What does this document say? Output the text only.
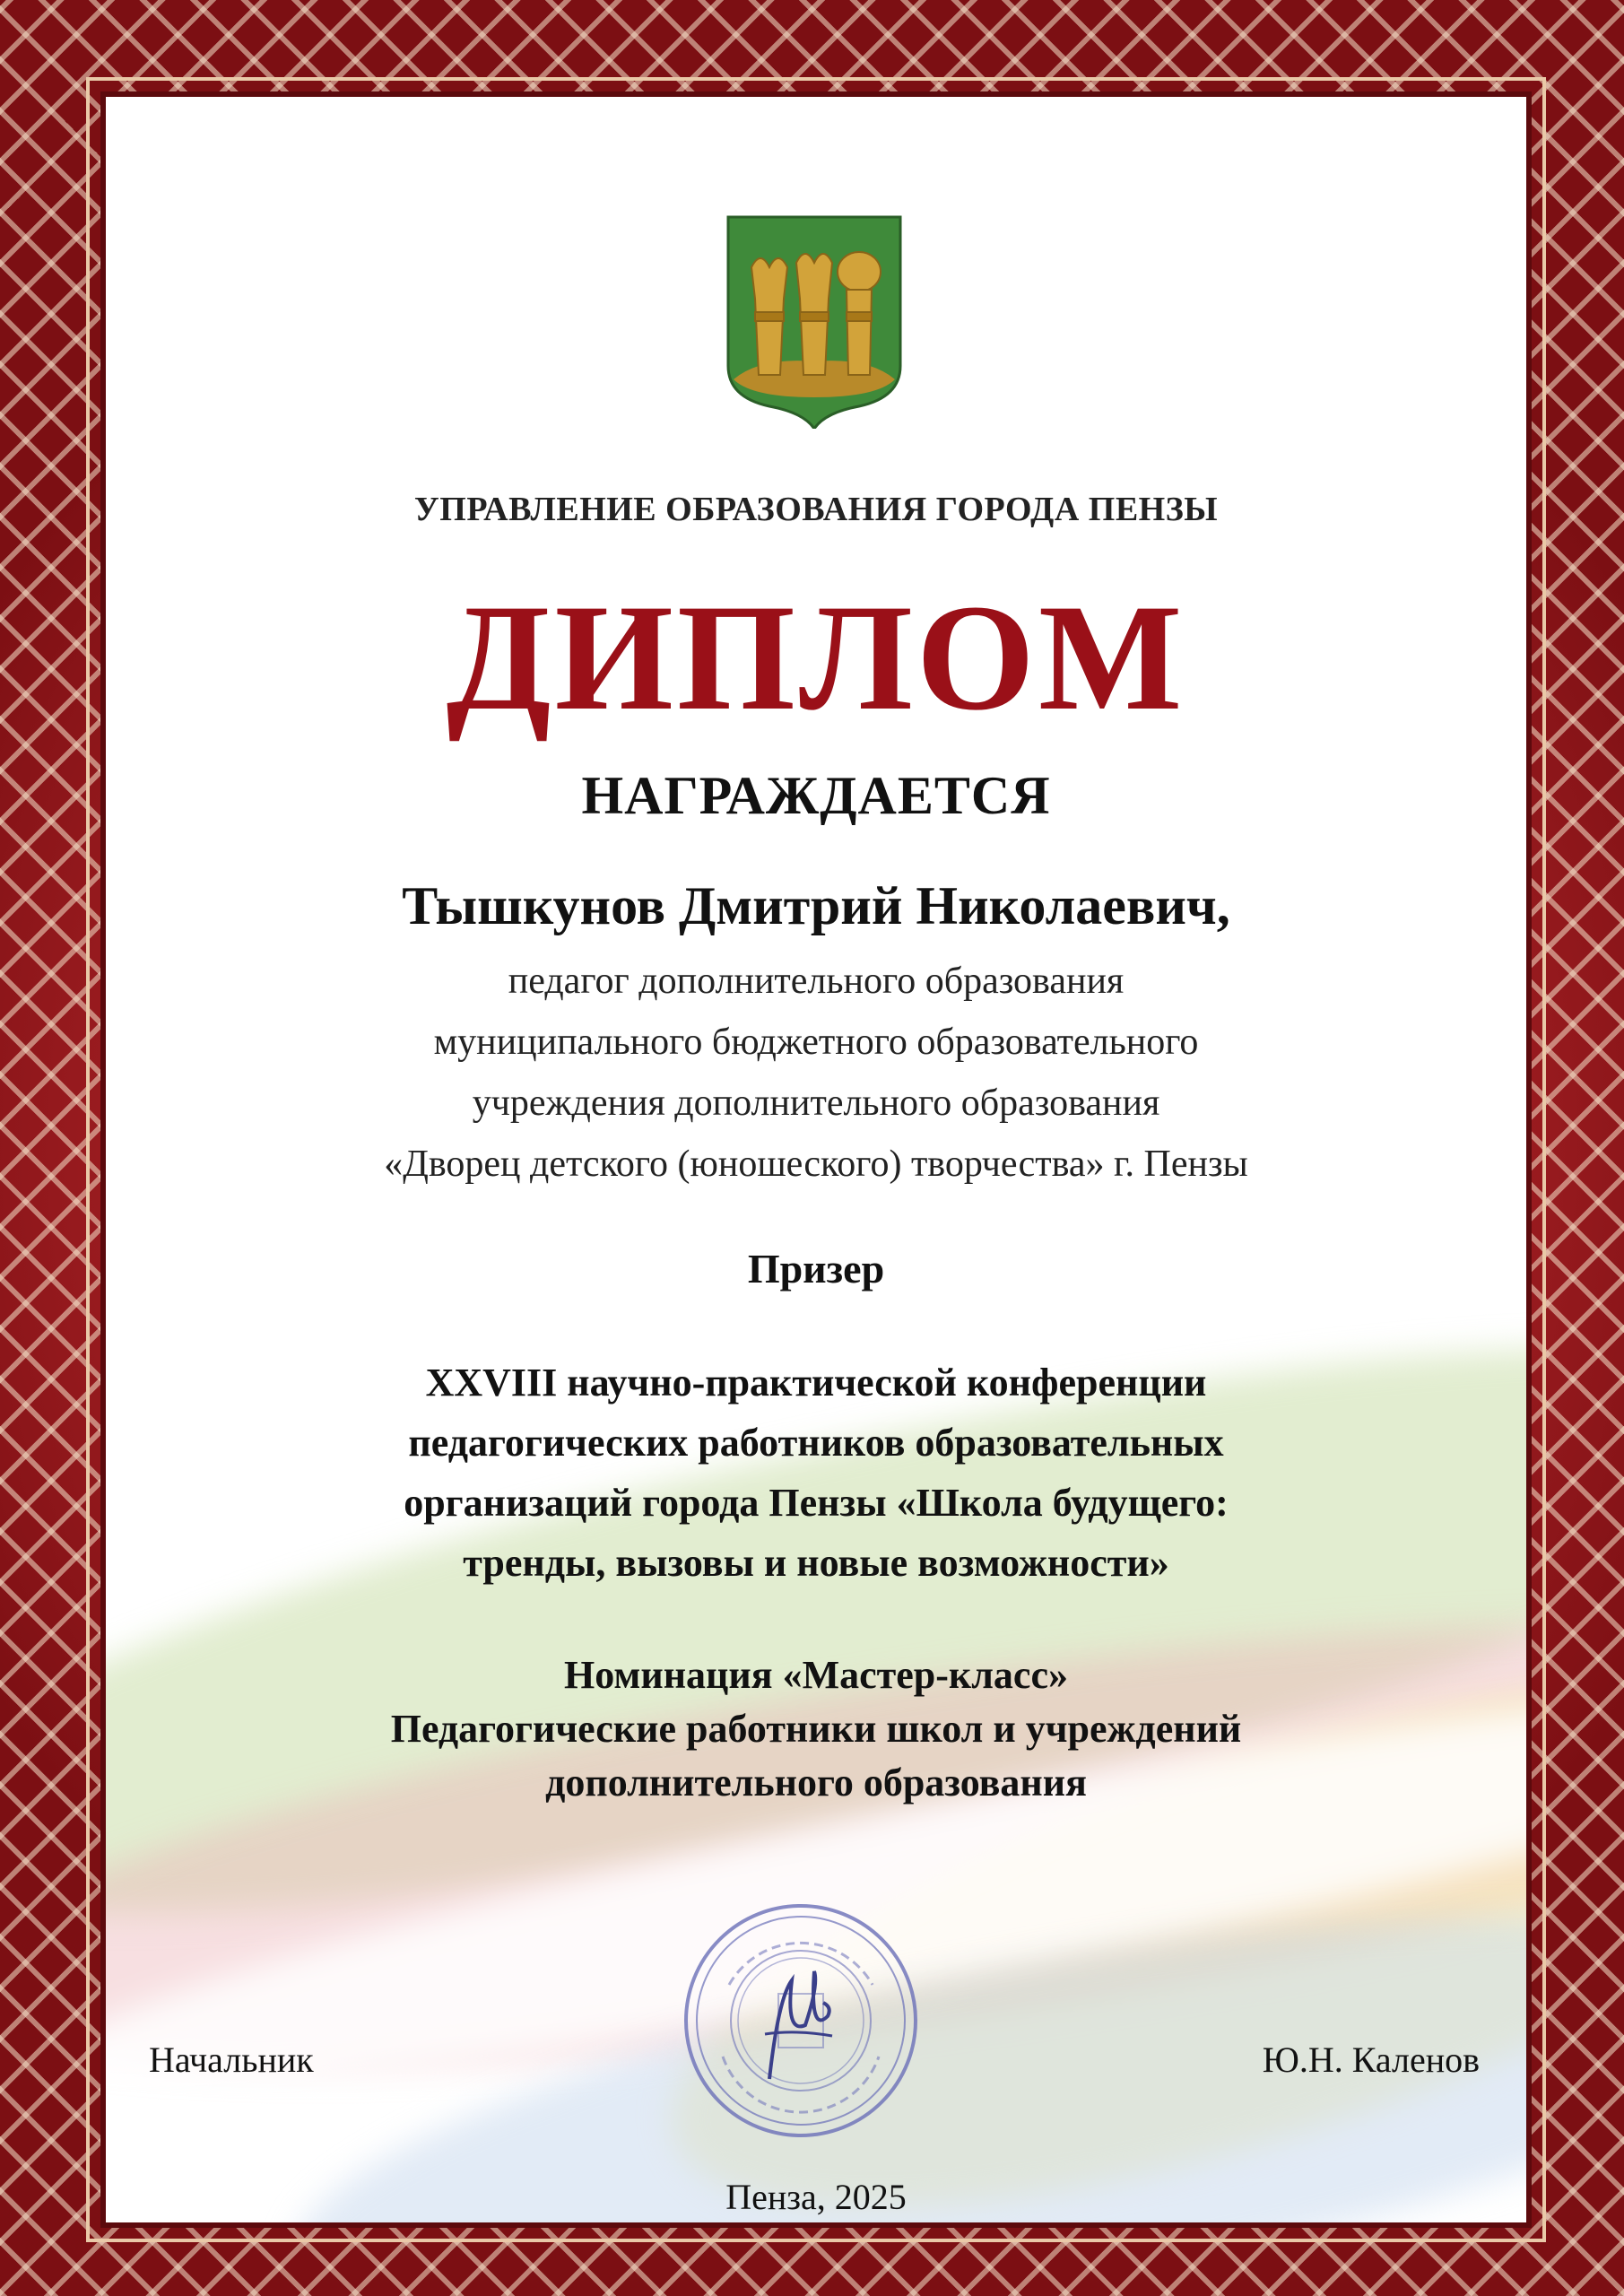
УПРАВЛЕНИЕ ОБРАЗОВАНИЯ ГОРОДА ПЕНЗЫ
ДИПЛОМ
НАГРАЖДАЕТСЯ
Тышкунов Дмитрий Николаевич,
педагог дополнительного образования
муниципального бюджетного образовательного
учреждения дополнительного образования
«Дворец детского (юношеского) творчества» г. Пензы
Призер
XXVIII научно-практической конференции
педагогических работников образовательных
организаций города Пензы «Школа будущего:
тренды, вызовы и новые возможности»
Номинация «Мастер-класс»
Педагогические работники школ и учреждений
дополнительного образования
Начальник	Ю.Н. Каленов
Пенза, 2025
